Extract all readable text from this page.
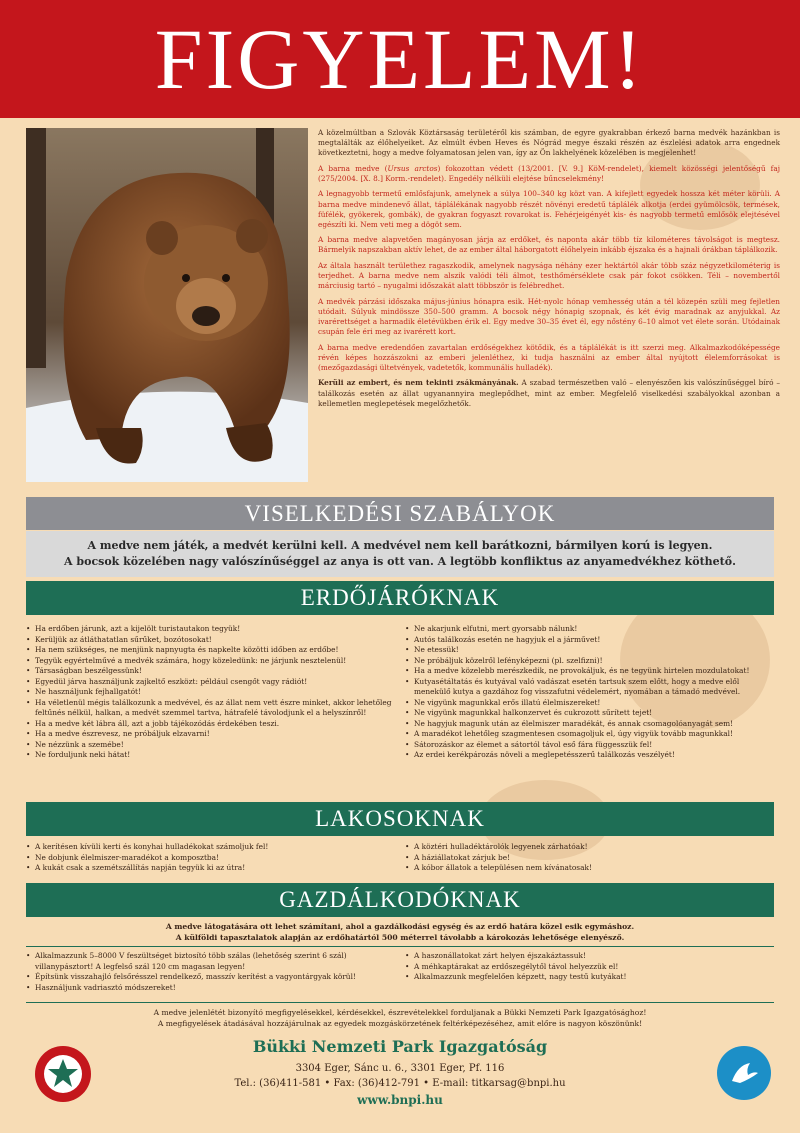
FIGYELEM!

A közelmúltban a Szlovák Köztársaság területéről kis számban, de egyre gyakrabban érkező barna medvék hazánkban is megtalálták az élőhelyeiket. Az elmúlt évben Heves és Nógrád megye északi részén az észlelési adatok arra engednek következtetni, hogy a medve folyamatosan jelen van, így az Ön lakhelyének közelében is megjelenhet!

A barna medve (Ursus arctos) fokozottan védett (13/2001. [V. 9.] KöM-rendelet), kiemelt közösségi jelentőségű faj (275/2004. [X. 8.] Korm.-rendelet). Engedély nélküli elejtése bűncselekmény!

A legnagyobb termetű emlősfajunk, amelynek a súlya 100–340 kg közt van. A kifejlett egyedek hossza két méter körüli. A barna medve mindenevő állat, táplálékának nagyobb részét növényi eredetű táplálék alkotja (erdei gyümölcsök, termések, füfélék, gyökerek, gombák), de gyakran fogyaszt rovarokat is. Fehérjeigényét kis- és nagyobb termetű emlősök elejtésével egészíti ki. Nem veti meg a dögöt sem.

A barna medve alapvetően magányosan járja az erdőket, és naponta akár több tíz kilométeres távolságot is megtesz. Bármelyik napszakban aktív lehet, de az ember által háborgatott élőhelyein inkább éjszaka és a hajnali órákban táplálkozik.

Az általa használt területhez ragaszkodik, amelynek nagysága néhány ezer hektártól akár több száz négyzetkilométerig is terjedhet. A barna medve nem alszik valódi téli álmot, testhőmérséklete csak pár fokot csökken. Téli – novembertől márciusig tartó – nyugalmi időszakát alatt többször is felébredhet.

A medvék párzási időszaka május-június hónapra esik. Hét-nyolc hónap vemhesség után a tél közepén szüli meg fejletlen utódait. Súlyuk mindössze 350–500 gramm. A bocsok négy hónapig szopnak, és két évig maradnak az anyjukkal. Az ivarérettséget a harmadik életévükben érik el. Egy medve 30–35 évet él, egy nőstény 6–10 almot vet élete során. Utódainak csupán fele éri meg az ivarérett kort.

A barna medve eredendően zavartalan erdőségekhez kötődik, és a táplálékát is itt szerzi meg. Alkalmazkodóképessége révén képes hozzászokni az emberi jelenléthez, ki tudja használni az ember által nyújtott élelemforrásokat is (mezőgazdasági ültetvények, vadetetők, kommunális hulladék).

Kerüli az embert, és nem tekinti zsákmányának. A szabad természetben való – elenyészően kis valószínűséggel bíró – találkozás esetén az állat ugyanannyira meglepődhet, mint az ember. Megfelelő viselkedési szabályokkal azonban a kellemetlen meglepetések megelőzhetők.

VISELKEDÉSI SZABÁLYOK
A medve nem játék, a medvét kerülni kell. A medvével nem kell barátkozni, bármilyen korú is legyen.
A bocsok közelében nagy valószínűséggel az anya is ott van. A legtöbb konfliktus az anyamedvékhez köthető.
ERDŐJÁRÓKNAK
• Ha erdőben járunk, azt a kijelölt turistautakon tegyük!
• Kerüljük az átláthatatlan sűrűket, bozótosokat!
• Ha nem szükséges, ne menjünk napnyugta és napkelte közötti időben az erdőbe!
• Tegyük egyértelművé a medvék számára, hogy közeledünk: ne járjunk nesztelenül!
• Társaságban beszélgessünk!
• Egyedül járva használjunk zajkeltő eszközt: például csengőt vagy rádiót!
• Ne használjunk fejhallgatót!
• Ha véletlenül mégis találkozunk a medvével, és az állat nem vett észre minket, akkor lehetőleg feltűnés nélkül, halkan, a medvét szemmel tartva, hátrafelé távolodjunk el a helyszínről!
• Ha a medve két lábra áll, azt a jobb tájékozódás érdekében teszi.
• Ha a medve észrevesz, ne próbáljuk elzavarni!
• Ne nézzünk a szemébe!
• Ne forduljunk neki hátat!
• Ne akarjunk elfutni, mert gyorsabb nálunk!
• Autós találkozás esetén ne hagyjuk el a járművet!
• Ne etessük!
• Ne próbáljuk közelről lefényképezni (pl. szelfizni)!
• Ha a medve közelebb merészkedik, ne provokáljuk, és ne tegyünk hirtelen mozdulatokat!
• Kutyasétáltatás és kutyával való vadászat esetén tartsuk szem előtt, hogy a medve elől menekülő kutya a gazdához fog visszafutni védelemért, nyomában a támadó medvével.
• Ne vigyünk magunkkal erős illatú élelmiszereket!
• Ne vigyünk magunkkal halkonzervet és cukrozott sűrített tejet!
• Ne hagyjuk magunk után az élelmiszer maradékát, és annak csomagolóanyagát sem!
• A maradékot lehetőleg szagmentesen csomagoljuk el, úgy vigyük tovább magunkkal!
• Sátorozáskor az élemet a sátortól távol eső fára függesszük fel!
• Az erdei kerékpározás növeli a meglepetésszerű találkozás veszélyét!
LAKOSOKNAK
• A kerítésen kívüli kerti és konyhai hulladékokat számoljuk fel!
• Ne dobjunk élelmiszer-maradékot a komposztba!
• A kukát csak a szemétszállítás napján tegyük ki az útra!
• A köztéri hulladéktárolók legyenek zárhatóak!
• A háziállatokat zárjuk be!
• A kóbor állatok a településen nem kívánatosak!
GAZDÁLKODÓKNAK
A medve látogatására ott lehet számítani, ahol a gazdálkodási egység és az erdő határa közel esik egymáshoz.
A külföldi tapasztalatok alapján az erdőhatártól 500 méterrel távolabb a károkozás lehetősége elenyésző.
• Alkalmazzunk 5–8000 V feszültséget biztosító több szálas (lehetőség szerint 6 szál) villanypásztort! A legfelső szál 120 cm magasan legyen!
• Építsünk visszahajló felsőrésszel rendelkező, masszív kerítést a vagyontárgyak körül!
• Használjunk vadriasztó módszereket!
• A haszonállatokat zárt helyen éjszakáztassuk!
• A méhkaptárakat az erdőszegélytől távol helyezzük el!
• Alkalmazzunk megfelelően képzett, nagy testű kutyákat!
A medve jelenlétét bizonyító megfigyelésekkel, kérdésekkel, észrevételekkel forduljanak a Bükki Nemzeti Park Igazgatósághoz!
A megfigyelések átadásával hozzájárulnak az egyedek mozgáskörzetének feltérképezéséhez, amit előre is nagyon köszönünk!
Bükki Nemzeti Park Igazgatóság
3304 Eger, Sánc u. 6., 3301 Eger, Pf. 116
Tel.: (36)411-581 • Fax: (36)412-791 • E-mail: titkarsag@bnpi.hu
www.bnpi.hu
